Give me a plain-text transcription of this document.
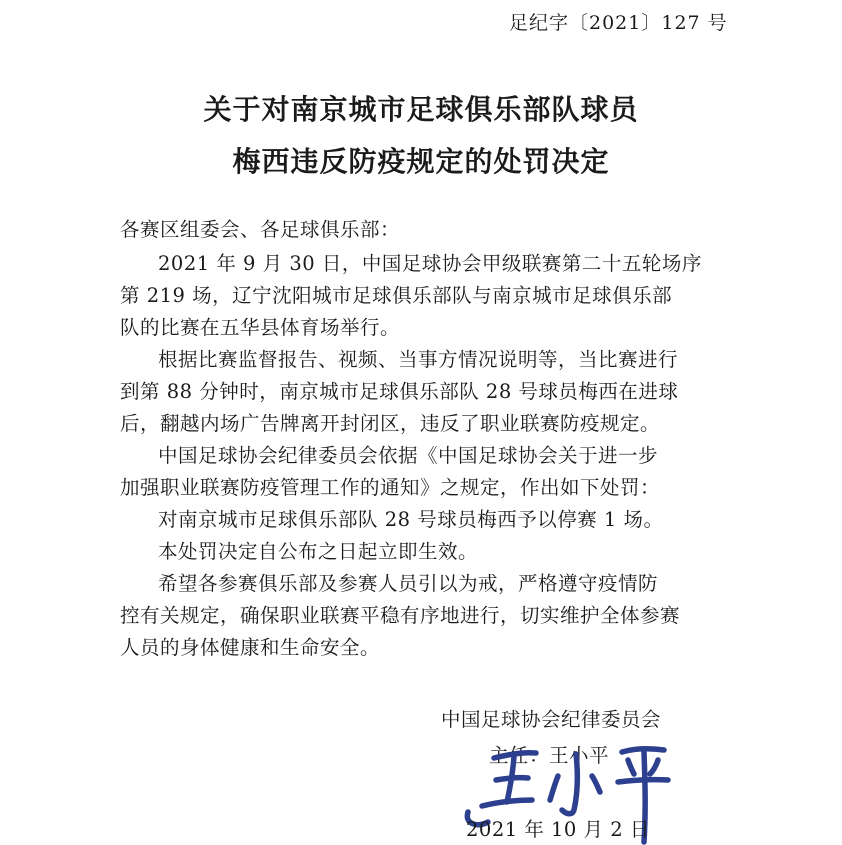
足纪字〔2021〕127 号
关于对南京城市足球俱乐部队球员
梅西违反防疫规定的处罚决定
各赛区组委会、各足球俱乐部：
2021 年 9 月 30 日，中国足球协会甲级联赛第二十五轮场序
第 219 场，辽宁沈阳城市足球俱乐部队与南京城市足球俱乐部
队的比赛在五华县体育场举行。
根据比赛监督报告、视频、当事方情况说明等，当比赛进行
到第 88 分钟时，南京城市足球俱乐部队 28 号球员梅西在进球
后，翻越内场广告牌离开封闭区，违反了职业联赛防疫规定。
中国足球协会纪律委员会依据《中国足球协会关于进一步
加强职业联赛防疫管理工作的通知》之规定，作出如下处罚：
对南京城市足球俱乐部队 28 号球员梅西予以停赛 1 场。
本处罚决定自公布之日起立即生效。
希望各参赛俱乐部及参赛人员引以为戒，严格遵守疫情防
控有关规定，确保职业联赛平稳有序地进行，切实维护全体参赛
人员的身体健康和生命安全。
中国足球协会纪律委员会
主任：王小平
2021 年 10 月 2 日
